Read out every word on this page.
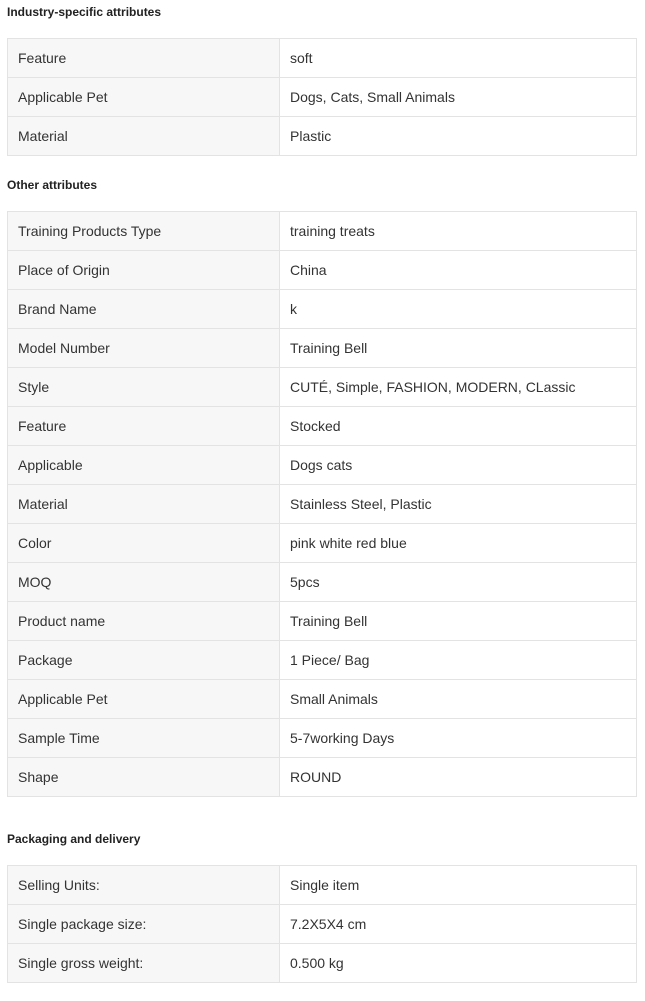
Industry-specific attributes
Feature	soft
Applicable Pet	Dogs, Cats, Small Animals
Material	Plastic
Other attributes
Training Products Type	training treats
Place of Origin	China
Brand Name	k
Model Number	Training Bell
Style	CUTÉ, Simple, FASHION, MODERN, CLassic
Feature	Stocked
Applicable	Dogs cats
Material	Stainless Steel, Plastic
Color	pink white red blue
MOQ	5pcs
Product name	Training Bell
Package	1 Piece/ Bag
Applicable Pet	Small Animals
Sample Time	5-7working Days
Shape	ROUND
Packaging and delivery
Selling Units:	Single item
Single package size:	7.2X5X4 cm
Single gross weight:	0.500 kg
